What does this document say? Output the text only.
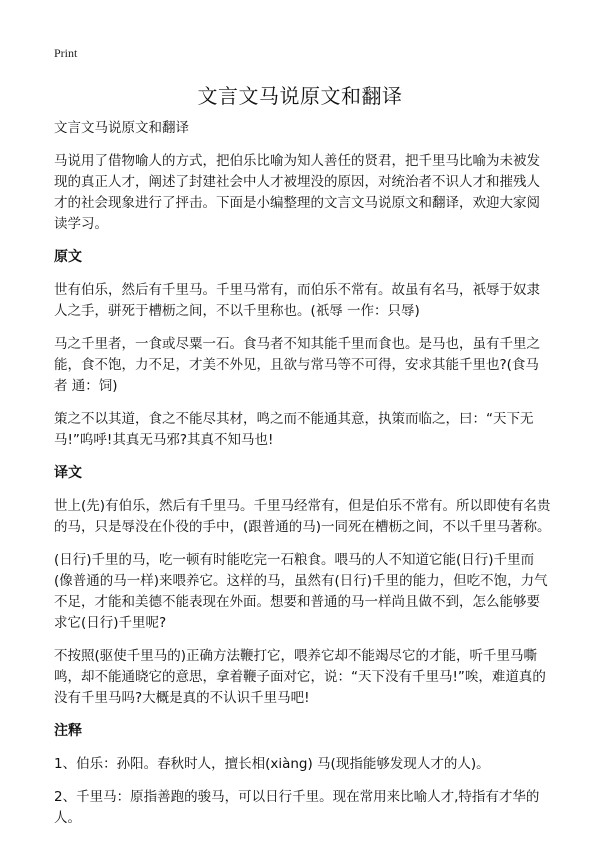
Print
文言文马说原文和翻译

文言文马说原文和翻译

马说用了借物喻人的方式，把伯乐比喻为知人善任的贤君，把千里马比喻为未被发现的真正人才，阐述了封建社会中人才被埋没的原因，对统治者不识人才和摧残人才的社会现象进行了抨击。下面是小编整理的文言文马说原文和翻译，欢迎大家阅读学习。

原文

世有伯乐，然后有千里马。千里马常有，而伯乐不常有。故虽有名马，祇辱于奴隶人之手，骈死于槽枥之间，不以千里称也。(祇辱 一作：只辱)

马之千里者，一食或尽粟一石。食马者不知其能千里而食也。是马也，虽有千里之能，食不饱，力不足，才美不外见，且欲与常马等不可得，安求其能千里也?(食马者 通：饲)

策之不以其道，食之不能尽其材，鸣之而不能通其意，执策而临之，曰：“天下无马!”呜呼!其真无马邪?其真不知马也!

译文

世上(先)有伯乐，然后有千里马。千里马经常有，但是伯乐不常有。所以即使有名贵的马，只是辱没在仆役的手中，(跟普通的马)一同死在槽枥之间，不以千里马著称。

(日行)千里的马，吃一顿有时能吃完一石粮食。喂马的人不知道它能(日行)千里而(像普通的马一样)来喂养它。这样的马，虽然有(日行)千里的能力，但吃不饱，力气不足，才能和美德不能表现在外面。想要和普通的马一样尚且做不到，怎么能够要求它(日行)千里呢?

不按照(驱使千里马的)正确方法鞭打它，喂养它却不能竭尽它的才能，听千里马嘶鸣，却不能通晓它的意思，拿着鞭子面对它，说：“天下没有千里马!”唉，难道真的没有千里马吗?大概是真的不认识千里马吧!

注释

1、伯乐：孙阳。春秋时人，擅长相(xiàng) 马(现指能够发现人才的人)。

2、千里马：原指善跑的骏马，可以日行千里。现在常用来比喻人才,特指有才华的人。
